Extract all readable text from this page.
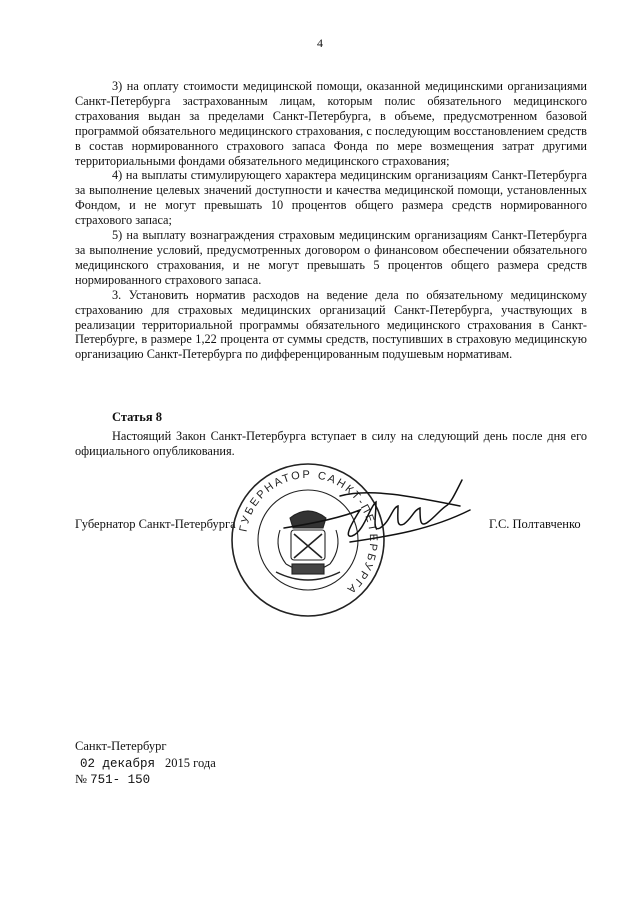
4

3) на оплату стоимости медицинской помощи, оказанной медицинскими организациями Санкт-Петербурга застрахованным лицам, которым полис обязательного медицинского страхования выдан за пределами Санкт-Петербурга, в объеме, предусмотренном базовой программой обязательного медицинского страхования, с последующим восстановлением средств в состав нормированного страхового запаса Фонда по мере возмещения затрат другими территориальными фондами обязательного медицинского страхования;

4) на выплаты стимулирующего характера медицинским организациям Санкт-Петербурга за выполнение целевых значений доступности и качества медицинской помощи, установленных Фондом, и не могут превышать 10 процентов общего размера средств нормированного страхового запаса;

5) на выплату вознаграждения страховым медицинским организациям Санкт-Петербурга за выполнение условий, предусмотренных договором о финансовом обеспечении обязательного медицинского страхования, и не могут превышать 5 процентов общего размера средств нормированного страхового запаса.

3. Установить норматив расходов на ведение дела по обязательному медицинскому страхованию для страховых медицинских организаций Санкт-Петербурга, участвующих в реализации территориальной программы обязательного медицинского страхования в Санкт-Петербурге, в размере 1,22 процента от суммы средств, поступивших в страховую медицинскую организацию Санкт-Петербурга по дифференцированным подушевым нормативам.

Статья 8
Настоящий Закон Санкт-Петербурга вступает в силу на следующий день после дня его официального опубликования.
Губернатор Санкт-Петербурга ГУБЕРНАТОР САНКТ-ПЕТЕРБУРГА
Г.С. Полтавченко
Санкт-Петербург
02 декабря 2015 года
№ 751- 150
